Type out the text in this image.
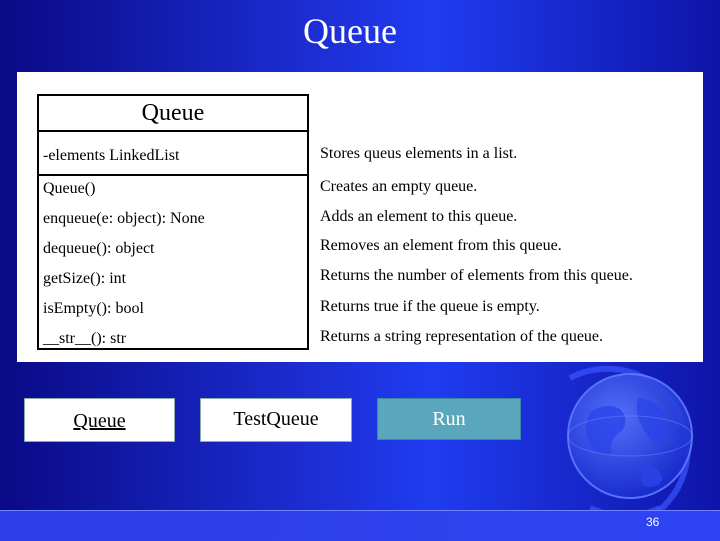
Queue
Queue
-elements LinkedList
Queue()
enqueue(e: object): None
dequeue(): object
getSize(): int
isEmpty(): bool
__str__(): str
Stores queus elements in a list.
Creates an empty queue.
Adds an element to this queue.
Removes an element from this queue.
Returns the number of elements from this queue.
Returns true if the queue is empty.
Returns a string representation of the queue.
Queue	TestQueue	Run
36
